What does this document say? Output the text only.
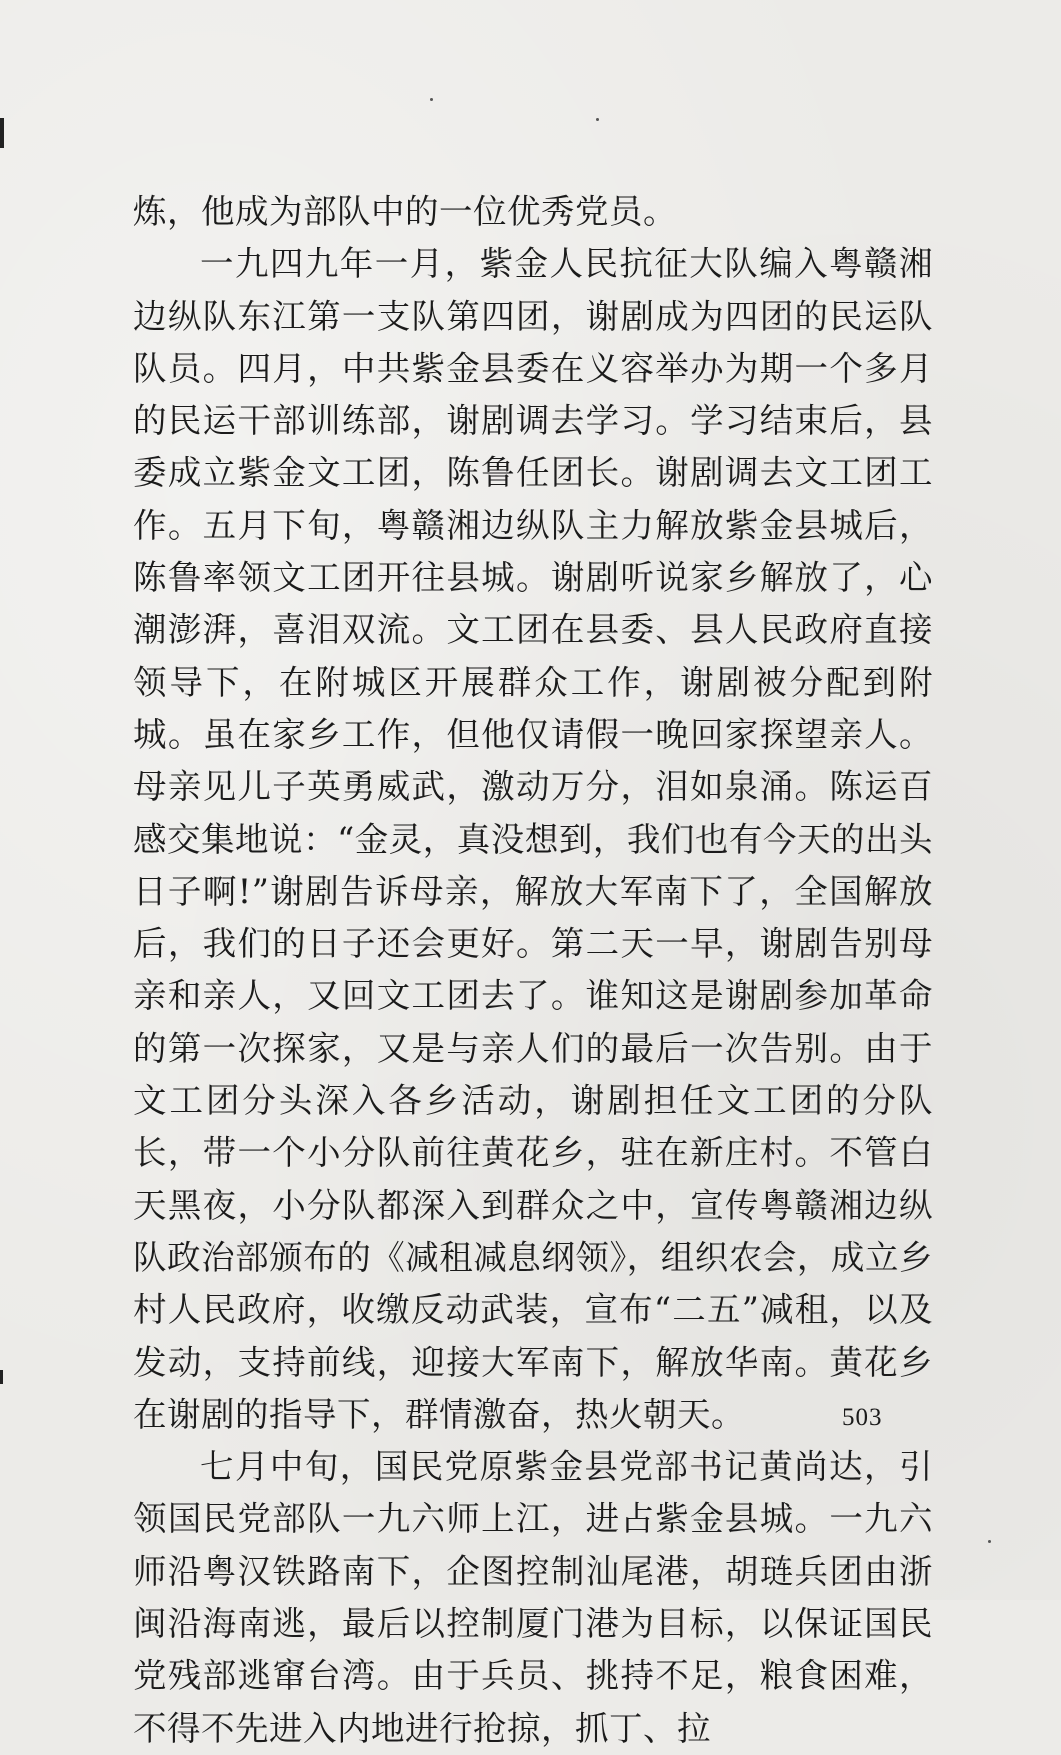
炼，他成为部队中的一位优秀党员。

一九四九年一月，紫金人民抗征大队编入粤赣湘边纵队东江第一支队第四团，谢剧成为四团的民运队队员。四月，中共紫金县委在义容举办为期一个多月的民运干部训练部，谢剧调去学习。学习结束后，县委成立紫金文工团，陈鲁任团长。谢剧调去文工团工作。五月下旬，粤赣湘边纵队主力解放紫金县城后，陈鲁率领文工团开往县城。谢剧听说家乡解放了，心潮澎湃，喜泪双流。文工团在县委、县人民政府直接领导下，在附城区开展群众工作，谢剧被分配到附城。虽在家乡工作，但他仅请假一晚回家探望亲人。母亲见儿子英勇威武，激动万分，泪如泉涌。陈运百感交集地说：“金灵，真没想到，我们也有今天的出头日子啊!”谢剧告诉母亲，解放大军南下了，全国解放后，我们的日子还会更好。第二天一早，谢剧告别母亲和亲人，又回文工团去了。谁知这是谢剧参加革命的第一次探家，又是与亲人们的最后一次告别。由于文工团分头深入各乡活动，谢剧担任文工团的分队长，带一个小分队前往黄花乡，驻在新庄村。不管白天黑夜，小分队都深入到群众之中，宣传粤赣湘边纵队政治部颁布的《减租减息纲领》，组织农会，成立乡村人民政府，收缴反动武装，宣布“二五”减租，以及发动，支持前线，迎接大军南下，解放华南。黄花乡在谢剧的指导下，群情激奋，热火朝天。

七月中旬，国民党原紫金县党部书记黄尚达，引领国民党部队一九六师上江，进占紫金县城。一九六师沿粤汉铁路南下，企图控制汕尾港，胡琏兵团由浙闽沿海南逃，最后以控制厦门港为目标，以保证国民党残部逃窜台湾。由于兵员、挑持不足，粮食困难，不得不先进入内地进行抢掠，抓丁、拉

503
